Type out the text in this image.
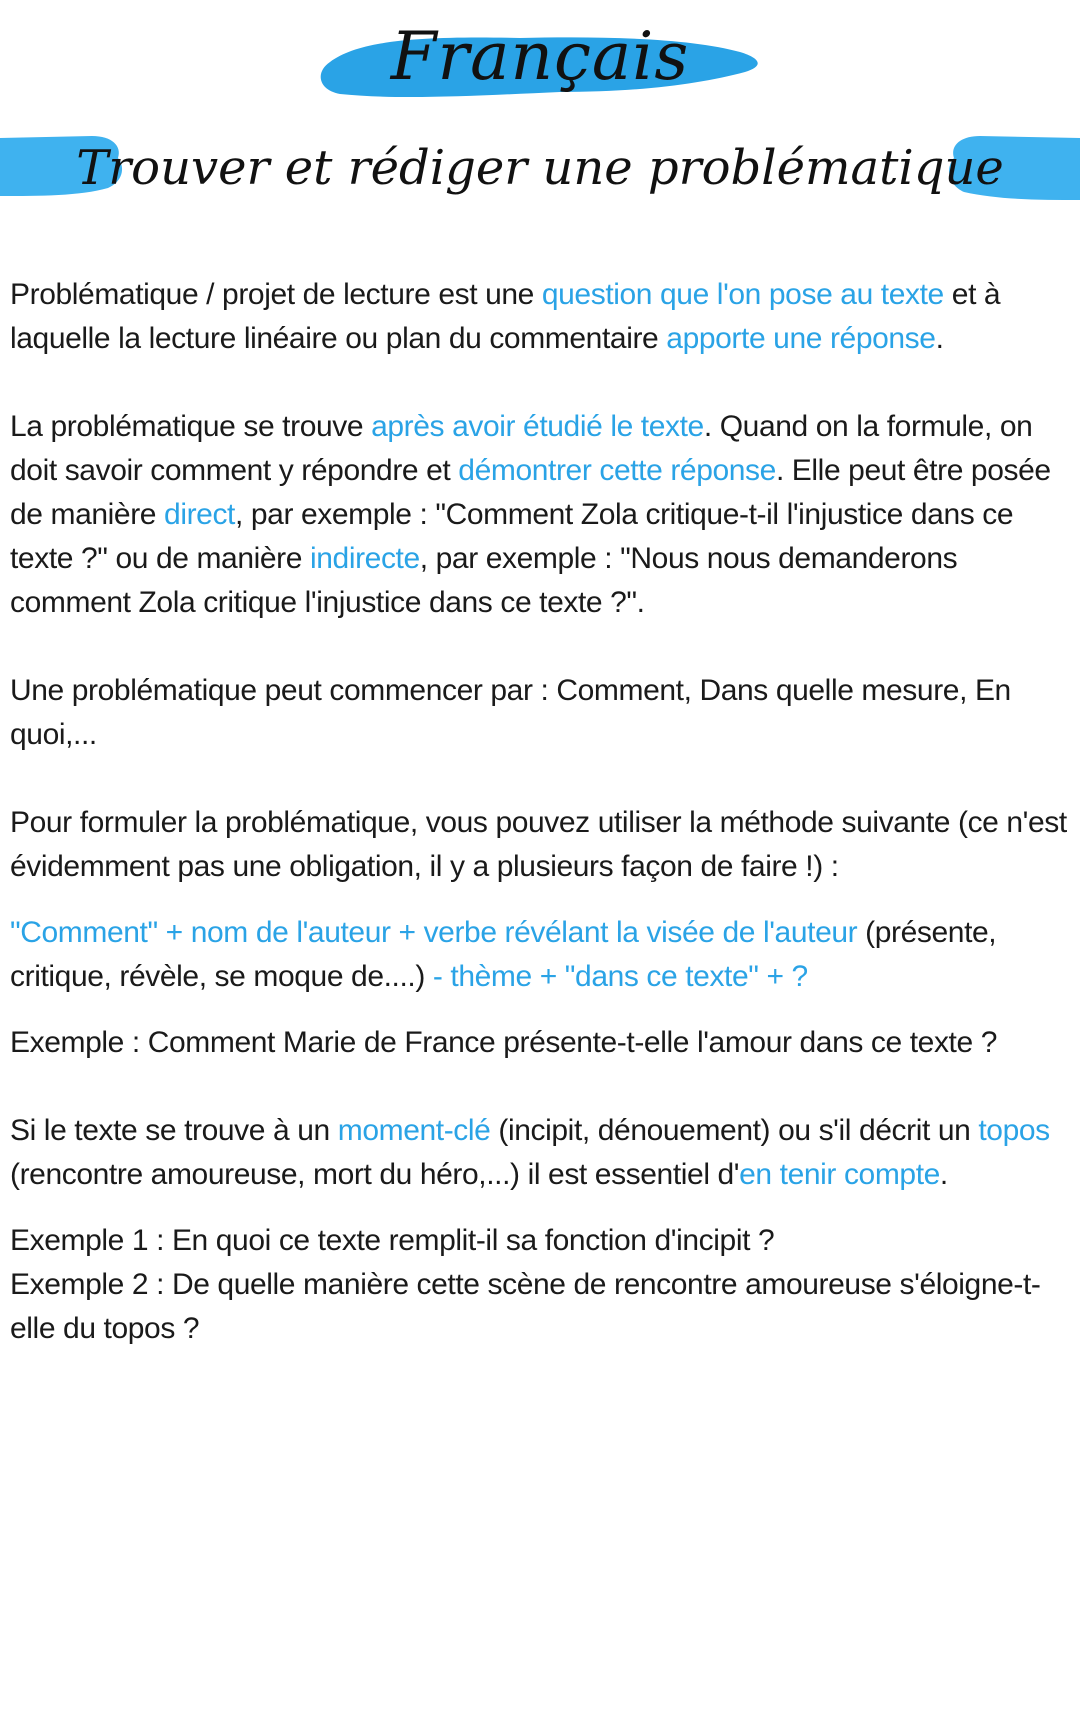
Français
Trouver et rédiger une problématique

Problématique / projet de lecture est une question que l'on pose au texte et à laquelle la lecture linéaire ou plan du commentaire apporte une réponse.

La problématique se trouve après avoir étudié le texte. Quand on la formule, on doit savoir comment y répondre et démontrer cette réponse. Elle peut être posée de manière direct, par exemple : "Comment Zola critique-t-il l'injustice dans ce texte ?" ou de manière indirecte, par exemple : "Nous nous demanderons comment Zola critique l'injustice dans ce texte ?".

Une problématique peut commencer par : Comment, Dans quelle mesure, En quoi,...

Pour formuler la problématique, vous pouvez utiliser la méthode suivante (ce n'est évidemment pas une obligation, il y a plusieurs façon de faire !) :

"Comment" + nom de l'auteur + verbe révélant la visée de l'auteur (présente, critique, révèle, se moque de....) - thème + "dans ce texte" + ?

Exemple : Comment Marie de France présente-t-elle l'amour dans ce texte ?

Si le texte se trouve à un moment-clé (incipit, dénouement) ou s'il décrit un topos (rencontre amoureuse, mort du héro,...) il est essentiel d'en tenir compte.

Exemple 1 : En quoi ce texte remplit-il sa fonction d'incipit ?

Exemple 2 : De quelle manière cette scène de rencontre amoureuse s'éloigne-t-elle du topos ?
